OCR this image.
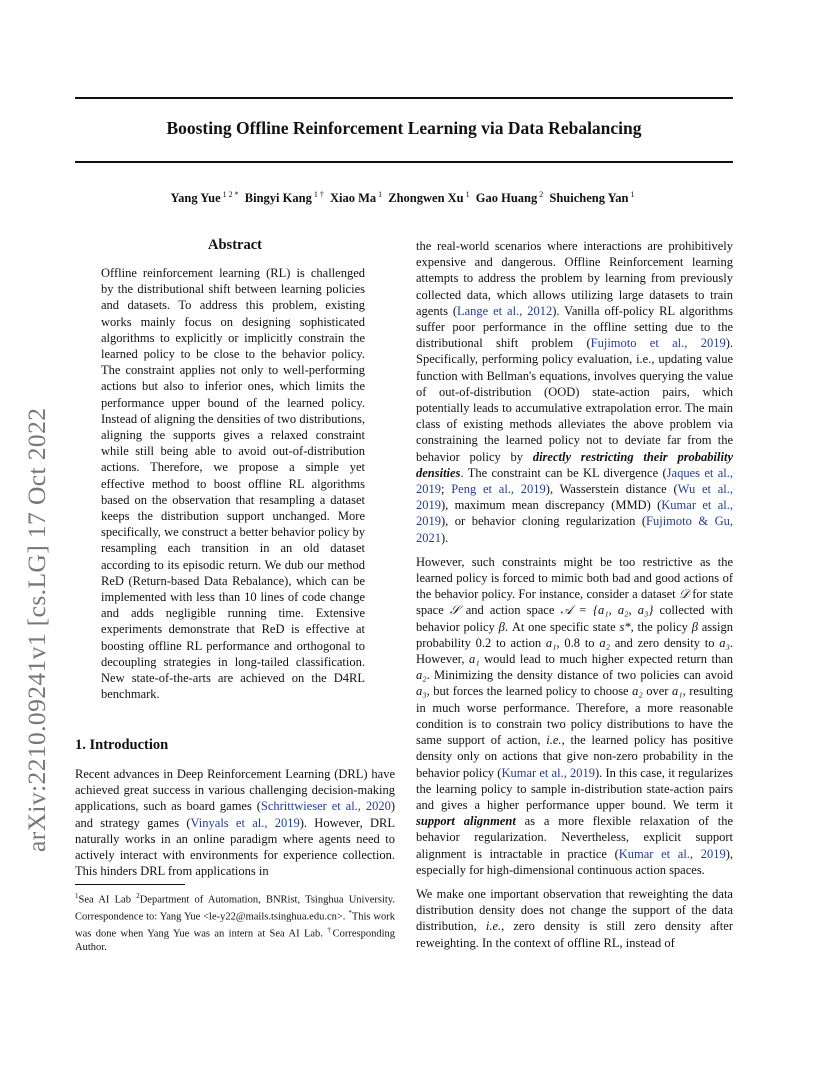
Boosting Offline Reinforcement Learning via Data Rebalancing
Yang Yue $^{1 2 *}$ Bingyi Kang $^{1 \dagger}$ Xiao Ma $^1$ Zhongwen Xu $^1$ Gao Huang $^2$ Shuicheng Yan $^1$
arXiv:2210.09241v1 [cs.LG] 17 Oct 2022
Abstract

Offline reinforcement learning (RL) is challenged by the distributional shift between learning policies and datasets. To address this problem, existing works mainly focus on designing sophisticated algorithms to explicitly or implicitly constrain the learned policy to be close to the behavior policy. The constraint applies not only to well-performing actions but also to inferior ones, which limits the performance upper bound of the learned policy. Instead of aligning the densities of two distributions, aligning the supports gives a relaxed constraint while still being able to avoid out-of-distribution actions. Therefore, we propose a simple yet effective method to boost offline RL algorithms based on the observation that resampling a dataset keeps the distribution support unchanged. More specifically, we construct a better behavior policy by resampling each transition in an old dataset according to its episodic return. We dub our method ReD (Return-based Data Rebalance), which can be implemented with less than 10 lines of code change and adds negligible running time. Extensive experiments demonstrate that ReD is effective at boosting offline RL performance and orthogonal to decoupling strategies in long-tailed classification. New state-of-the-arts are achieved on the D4RL benchmark.

1. Introduction

Recent advances in Deep Reinforcement Learning (DRL) have achieved great success in various challenging decision-making applications, such as board games (Schrittwieser et al., 2020) and strategy games (Vinyals et al., 2019). However, DRL naturally works in an online paradigm where agents need to actively interact with environments for experience collection. This hinders DRL from applications in

$^1$Sea AI Lab $^2$Department of Automation, BNRist, Tsinghua University. Correspondence to: Yang Yue <le-y22@mails.tsinghua.edu.cn>. *This work was done when Yang Yue was an intern at Sea AI Lab. †Corresponding Author.

the real-world scenarios where interactions are prohibitively expensive and dangerous. Offline Reinforcement learning attempts to address the problem by learning from previously collected data, which allows utilizing large datasets to train agents (Lange et al., 2012). Vanilla off-policy RL algorithms suffer poor performance in the offline setting due to the distributional shift problem (Fujimoto et al., 2019). Specifically, performing policy evaluation, i.e., updating value function with Bellman's equations, involves querying the value of out-of-distribution (OOD) state-action pairs, which potentially leads to accumulative extrapolation error. The main class of existing methods alleviates the above problem via constraining the learned policy not to deviate far from the behavior policy by directly restricting their probability densities. The constraint can be KL divergence (Jaques et al., 2019; Peng et al., 2019), Wasserstein distance (Wu et al., 2019), maximum mean discrepancy (MMD) (Kumar et al., 2019), or behavior cloning regularization (Fujimoto & Gu, 2021).

However, such constraints might be too restrictive as the learned policy is forced to mimic both bad and good actions of the behavior policy. For instance, consider a dataset 𝒟 for state space 𝒮 and action space 𝒜 = {a₁, a₂, a₃} collected with behavior policy β. At one specific state s*, the policy β assign probability 0.2 to action a₁, 0.8 to a₂ and zero density to a₃. However, a₁ would lead to much higher expected return than a₂. Minimizing the density distance of two policies can avoid a₃, but forces the learned policy to choose a₂ over a₁, resulting in much worse performance. Therefore, a more reasonable condition is to constrain two policy distributions to have the same support of action, i.e., the learned policy has positive density only on actions that give non-zero probability in the behavior policy (Kumar et al., 2019). In this case, it regularizes the learning policy to sample in-distribution state-action pairs and gives a higher performance upper bound. We term it support alignment as a more flexible relaxation of the behavior regularization. Nevertheless, explicit support alignment is intractable in practice (Kumar et al., 2019), especially for high-dimensional continuous action spaces.

We make one important observation that reweighting the data distribution density does not change the support of the data distribution, i.e., zero density is still zero density after reweighting. In the context of offline RL, instead of
